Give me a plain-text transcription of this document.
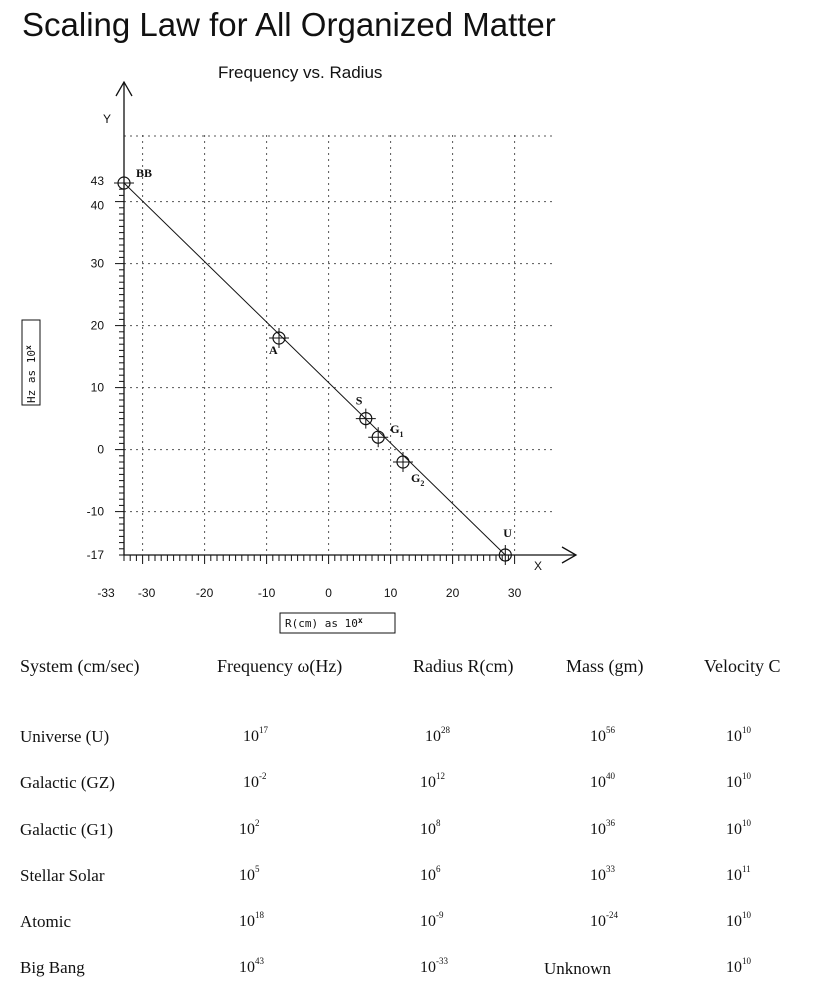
Scaling Law for All Organized Matter
Frequency vs. Radius
-33 -30	-20	-10	0	10	20	30
43
40
30
20
10
0
-10
-17
BB
A
S
$G_1$
$G_2$
U
Hz as 10$^x$
R(cm) as 10$^x$
Y
X
System (cm/sec)	Frequency ω(Hz)	Radius R(cm)	Mass (gm)	Velocity C
Universe (U)	$10^{17}$	$10^{28}$	$10^{56}$	$10^{10}$
Galactic (GZ)	$10^{-2}$	$10^{12}$	$10^{40}$	$10^{10}$
Galactic (G1)	$10^2$	$10^8$	$10^{36}$	$10^{10}$
Stellar Solar	$10^5$	$10^6$	$10^{33}$	$10^{11}$
Atomic	$10^{18}$	$10^{-9}$	$10^{-24}$	$10^{10}$
Big Bang	$10^{43}$	$10^{-33}$	Unknown	$10^{10}$
